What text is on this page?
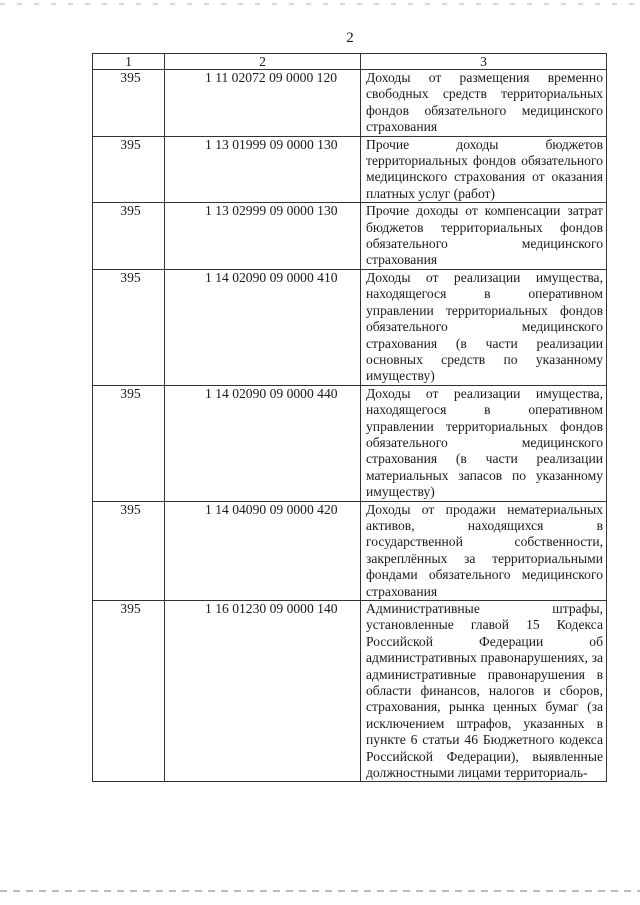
2
1	2	3
395	1 11 02072 09 0000 120	Доходы от размещения временно свободных средств территориальных фондов обязательного медицинского страхования
395	1 13 01999 09 0000 130	Прочие доходы бюджетов территориальных фондов обязательного медицинского страхования от оказания платных услуг (работ)
395	1 13 02999 09 0000 130	Прочие доходы от компенсации затрат бюджетов территориальных фондов обязательного медицинского страхования
395	1 14 02090 09 0000 410	Доходы от реализации имущества, находящегося в оперативном управлении территориальных фондов обязательного медицинского страхования (в части реализации основных средств по указанному имуществу)
395	1 14 02090 09 0000 440	Доходы от реализации имущества, находящегося в оперативном управлении территориальных фондов обязательного медицинского страхования (в части реализации материальных запасов по указанному имуществу)
395	1 14 04090 09 0000 420	Доходы от продажи нематериальных активов, находящихся в государственной собственности, закреплённых за территориальными фондами обязательного медицинского страхования
395	1 16 01230 09 0000 140	Административные штрафы, установленные главой 15 Кодекса Российской Федерации об административных правонарушениях, за административные правонарушения в области финансов, налогов и сборов, страхования, рынка ценных бумаг (за исключением штрафов, указанных в пункте 6 статьи 46 Бюджетного кодекса Российской Федерации), выявленные должностными лицами территориаль-
